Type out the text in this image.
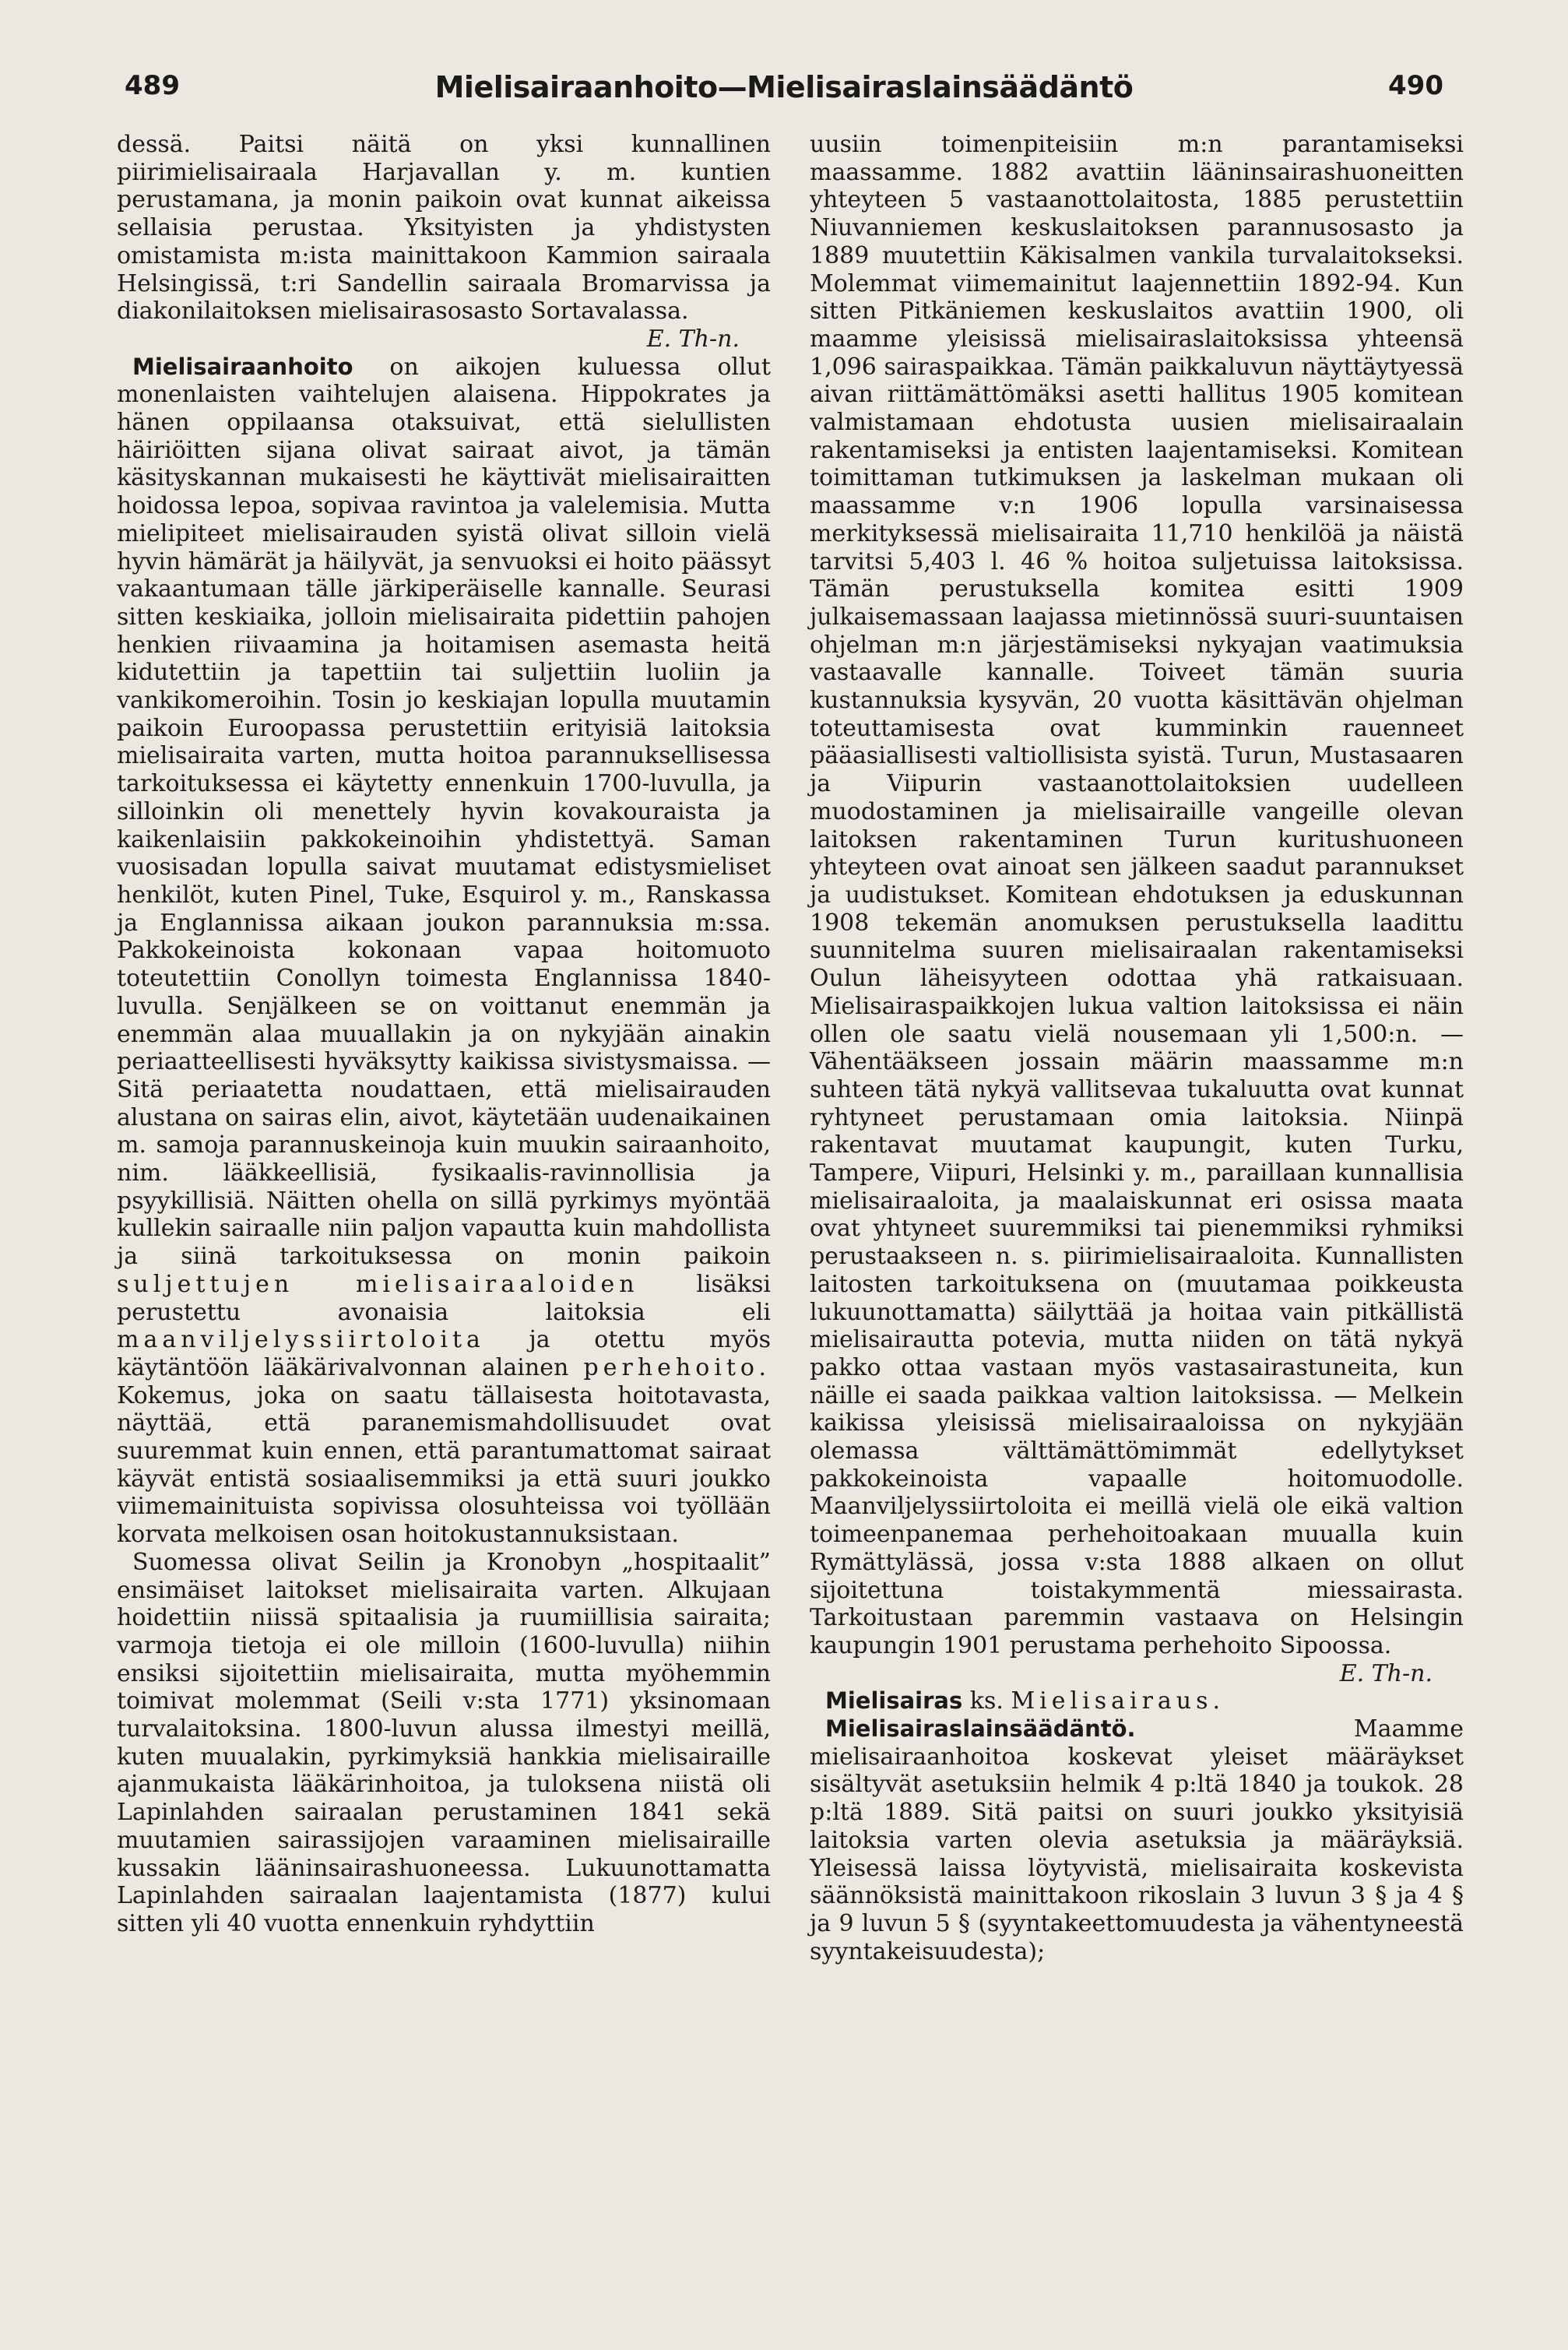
489	Mielisairaanhoito—Mielisairaslainsäädäntö	490

dessä. Paitsi näitä on yksi kunnallinen piirimielisairaala Harjavallan y. m. kuntien perustamana, ja monin paikoin ovat kunnat aikeissa sellaisia perustaa. Yksityisten ja yhdistysten omistamista m:ista mainittakoon Kammion sairaala Helsingissä, t:ri Sandellin sairaala Bromarvissa ja diakonilaitoksen mielisairasosasto Sortavalassa.

E. Th-n.

Mielisairaanhoito on aikojen kuluessa ollut monenlaisten vaihtelujen alaisena. Hippokrates ja hänen oppilaansa otaksuivat, että sielullisten häiriöitten sijana olivat sairaat aivot, ja tämän käsityskannan mukaisesti he käyttivät mielisairaitten hoidossa lepoa, sopivaa ravintoa ja valelemisia. Mutta mielipiteet mielisairauden syistä olivat silloin vielä hyvin hämärät ja häilyvät, ja senvuoksi ei hoito päässyt vakaantumaan tälle järkiperäiselle kannalle. Seurasi sitten keskiaika, jolloin mielisairaita pidettiin pahojen henkien riivaamina ja hoitamisen asemasta heitä kidutettiin ja tapettiin tai suljettiin luoliin ja vankikomeroihin. Tosin jo keskiajan lopulla muutamin paikoin Euroopassa perustettiin erityisiä laitoksia mielisairaita varten, mutta hoitoa parannuksellisessa tarkoituksessa ei käytetty ennenkuin 1700-luvulla, ja silloinkin oli menettely hyvin kovakouraista ja kaikenlaisiin pakkokeinoihin yhdistettyä. Saman vuosisadan lopulla saivat muutamat edistysmieliset henkilöt, kuten Pinel, Tuke, Esquirol y. m., Ranskassa ja Englannissa aikaan joukon parannuksia m:ssa. Pakkokeinoista kokonaan vapaa hoitomuoto toteutettiin Conollyn toimesta Englannissa 1840-luvulla. Senjälkeen se on voittanut enemmän ja enemmän alaa muuallakin ja on nykyjään ainakin periaatteellisesti hyväksytty kaikissa sivistysmaissa. — Sitä periaatetta noudattaen, että mielisairauden alustana on sairas elin, aivot, käytetään uudenaikainen m. samoja parannuskeinoja kuin muukin sairaanhoito, nim. lääkkeellisiä, fysikaalis-ravinnollisia ja psyykillisiä. Näitten ohella on sillä pyrkimys myöntää kullekin sairaalle niin paljon vapautta kuin mahdollista ja siinä tarkoituksessa on monin paikoin suljettujen mielisairaaloiden lisäksi perustettu avonaisia laitoksia eli maanviljelyssiirtoloita ja otettu myös käytäntöön lääkärivalvonnan alainen perhehoito. Kokemus, joka on saatu tällaisesta hoitotavasta, näyttää, että paranemismahdollisuudet ovat suuremmat kuin ennen, että parantumattomat sairaat käyvät entistä sosiaalisemmiksi ja että suuri joukko viimemainituista sopivissa olosuhteissa voi työllään korvata melkoisen osan hoitokustannuksistaan.

Suomessa olivat Seilin ja Kronobyn „hospitaalit” ensimäiset laitokset mielisairaita varten. Alkujaan hoidettiin niissä spitaalisia ja ruumiillisia sairaita; varmoja tietoja ei ole milloin (1600-luvulla) niihin ensiksi sijoitettiin mielisairaita, mutta myöhemmin toimivat molemmat (Seili v:sta 1771) yksinomaan turvalaitoksina. 1800-luvun alussa ilmestyi meillä, kuten muualakin, pyrkimyksiä hankkia mielisairaille ajanmukaista lääkärinhoitoa, ja tuloksena niistä oli Lapinlahden sairaalan perustaminen 1841 sekä muutamien sairassijojen varaaminen mielisairaille kussakin lääninsairashuoneessa. Lukuunottamatta Lapinlahden sairaalan laajentamista (1877) kului sitten yli 40 vuotta ennenkuin ryhdyttiin

uusiin toimenpiteisiin m:n parantamiseksi maassamme. 1882 avattiin lääninsairashuoneitten yhteyteen 5 vastaanottolaitosta, 1885 perustettiin Niuvanniemen keskuslaitoksen parannusosasto ja 1889 muutettiin Käkisalmen vankila turvalaitokseksi. Molemmat viimemainitut laajennettiin 1892-94. Kun sitten Pitkäniemen keskuslaitos avattiin 1900, oli maamme yleisissä mielisairaslaitoksissa yhteensä 1,096 sairaspaikkaa. Tämän paikkaluvun näyttäytyessä aivan riittämättömäksi asetti hallitus 1905 komitean valmistamaan ehdotusta uusien mielisairaalain rakentamiseksi ja entisten laajentamiseksi. Komitean toimittaman tutkimuksen ja laskelman mukaan oli maassamme v:n 1906 lopulla varsinaisessa merkityksessä mielisairaita 11,710 henkilöä ja näistä tarvitsi 5,403 l. 46 % hoitoa suljetuissa laitoksissa. Tämän perustuksella komitea esitti 1909 julkaisemassaan laajassa mietinnössä suuri-suuntaisen ohjelman m:n järjestämiseksi nykyajan vaatimuksia vastaavalle kannalle. Toiveet tämän suuria kustannuksia kysyvän, 20 vuotta käsittävän ohjelman toteuttamisesta ovat kumminkin rauenneet pääasiallisesti valtiollisista syistä. Turun, Mustasaaren ja Viipurin vastaanottolaitoksien uudelleen muodostaminen ja mielisairaille vangeille olevan laitoksen rakentaminen Turun kuritushuoneen yhteyteen ovat ainoat sen jälkeen saadut parannukset ja uudistukset. Komitean ehdotuksen ja eduskunnan 1908 tekemän anomuksen perustuksella laadittu suunnitelma suuren mielisairaalan rakentamiseksi Oulun läheisyyteen odottaa yhä ratkaisuaan. Mielisairaspaikkojen lukua valtion laitoksissa ei näin ollen ole saatu vielä nousemaan yli 1,500:n. — Vähentääkseen jossain määrin maassamme m:n suhteen tätä nykyä vallitsevaa tukaluutta ovat kunnat ryhtyneet perustamaan omia laitoksia. Niinpä rakentavat muutamat kaupungit, kuten Turku, Tampere, Viipuri, Helsinki y. m., paraillaan kunnallisia mielisairaaloita, ja maalaiskunnat eri osissa maata ovat yhtyneet suuremmiksi tai pienemmiksi ryhmiksi perustaakseen n. s. piirimielisairaaloita. Kunnallisten laitosten tarkoituksena on (muutamaa poikkeusta lukuunottamatta) säilyttää ja hoitaa vain pitkällistä mielisairautta potevia, mutta niiden on tätä nykyä pakko ottaa vastaan myös vastasairastuneita, kun näille ei saada paikkaa valtion laitoksissa. — Melkein kaikissa yleisissä mielisairaaloissa on nykyjään olemassa välttämättömimmät edellytykset pakkokeinoista vapaalle hoitomuodolle. Maanviljelyssiirtoloita ei meillä vielä ole eikä valtion toimeenpanemaa perhehoitoakaan muualla kuin Rymättylässä, jossa v:sta 1888 alkaen on ollut sijoitettuna toistakymmentä miessairasta. Tarkoitustaan paremmin vastaava on Helsingin kaupungin 1901 perustama perhehoito Sipoossa.

E. Th-n.

Mielisairas ks. Mielisairaus.

Mielisairaslainsäädäntö. Maamme mielisairaanhoitoa koskevat yleiset määräykset sisältyvät asetuksiin helmik 4 p:ltä 1840 ja toukok. 28 p:ltä 1889. Sitä paitsi on suuri joukko yksityisiä laitoksia varten olevia asetuksia ja määräyksiä. Yleisessä laissa löytyvistä, mielisairaita koskevista säännöksistä mainittakoon rikoslain 3 luvun 3 § ja 4 § ja 9 luvun 5 § (syyntakeettomuudesta ja vähentyneestä syyntakeisuudesta);
